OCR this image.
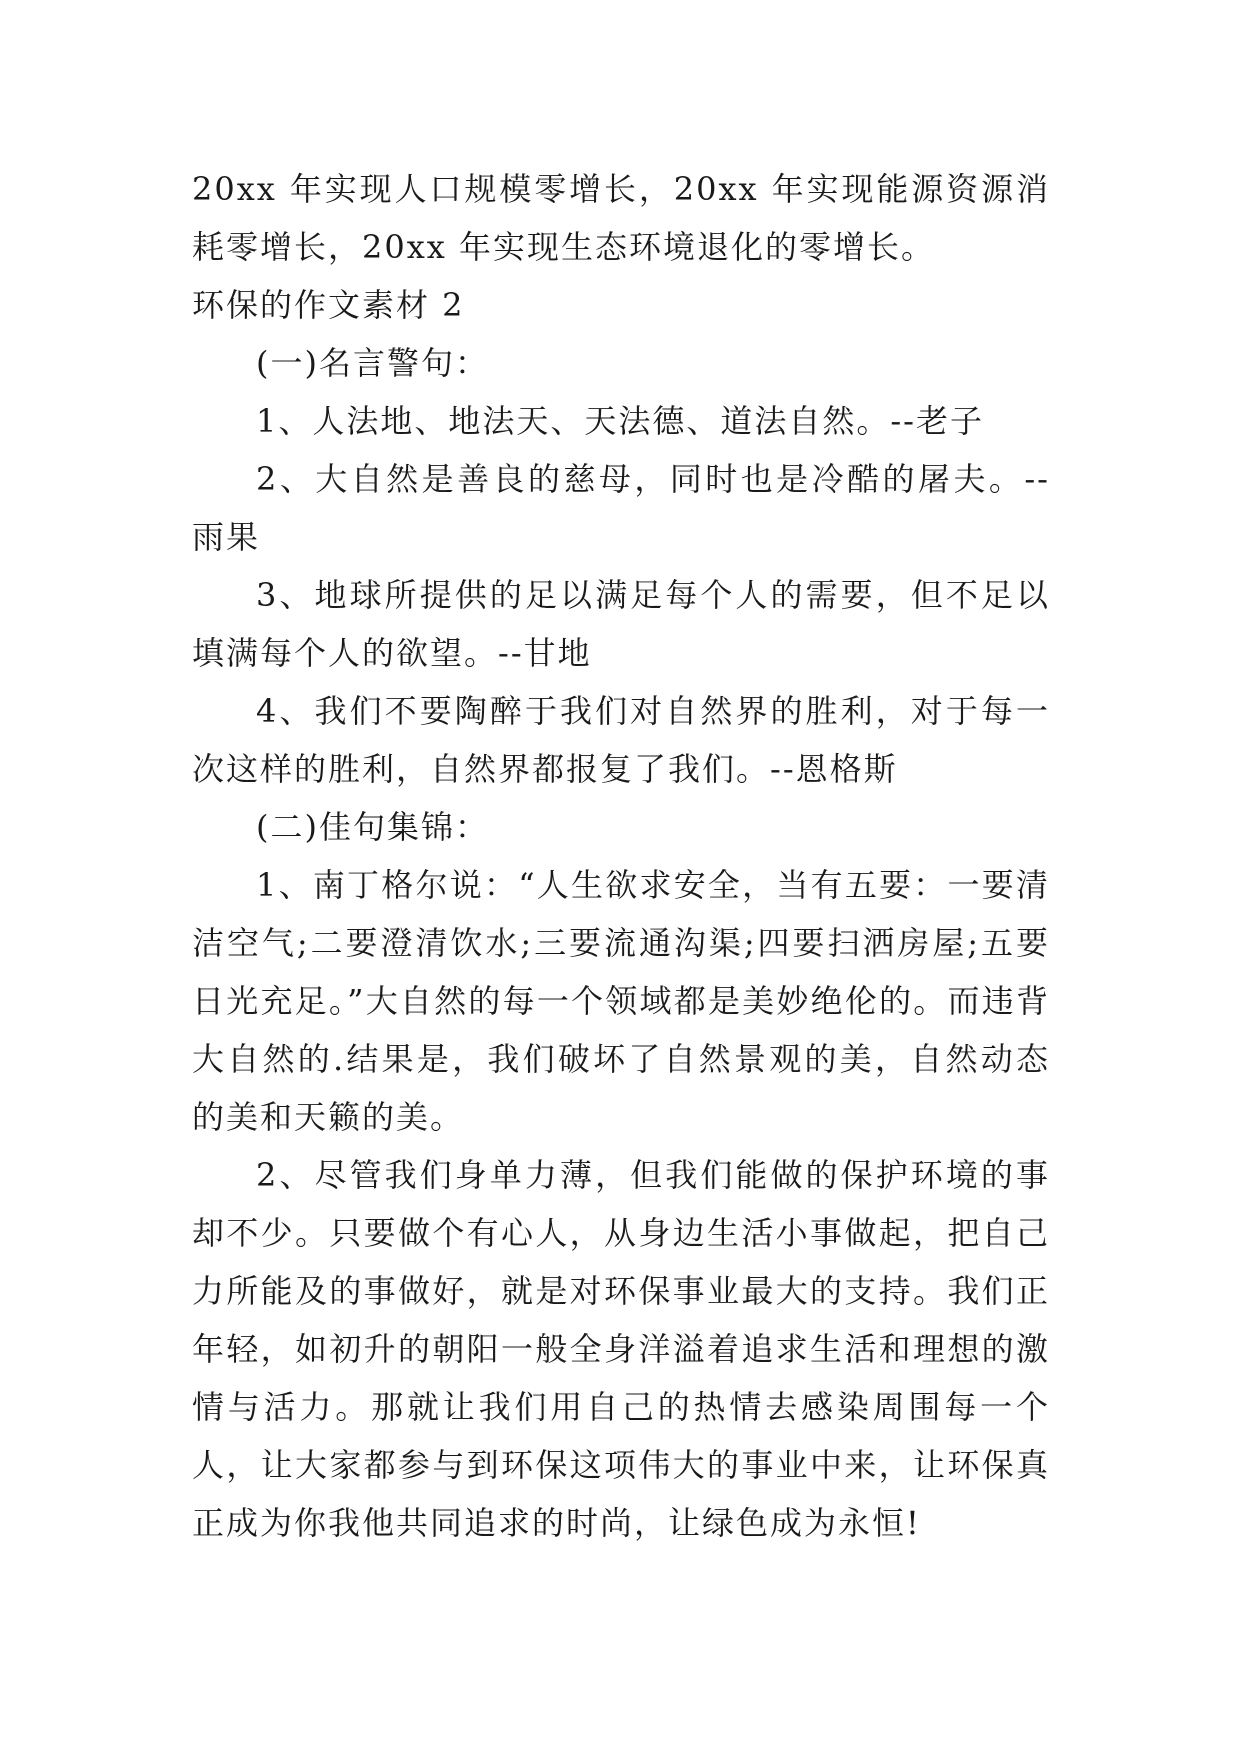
20xx 年实现人口规模零增长，20xx 年实现能源资源消耗零增长，20xx 年实现生态环境退化的零增长。

环保的作文素材 2

(一)名言警句：

1、人法地、地法天、天法德、道法自然。--老子

2、大自然是善良的慈母，同时也是冷酷的屠夫。--雨果

3、地球所提供的足以满足每个人的需要，但不足以填满每个人的欲望。--甘地

4、我们不要陶醉于我们对自然界的胜利，对于每一次这样的胜利，自然界都报复了我们。--恩格斯

(二)佳句集锦：

1、南丁格尔说：“人生欲求安全，当有五要：一要清洁空气;二要澄清饮水;三要流通沟渠;四要扫洒房屋;五要日光充足。”大自然的每一个领域都是美妙绝伦的。而违背大自然的.结果是，我们破坏了自然景观的美，自然动态的美和天籁的美。

2、尽管我们身单力薄，但我们能做的保护环境的事却不少。只要做个有心人，从身边生活小事做起，把自己力所能及的事做好，就是对环保事业最大的支持。我们正年轻，如初升的朝阳一般全身洋溢着追求生活和理想的激情与活力。那就让我们用自己的热情去感染周围每一个人，让大家都参与到环保这项伟大的事业中来，让环保真正成为你我他共同追求的时尚，让绿色成为永恒!
